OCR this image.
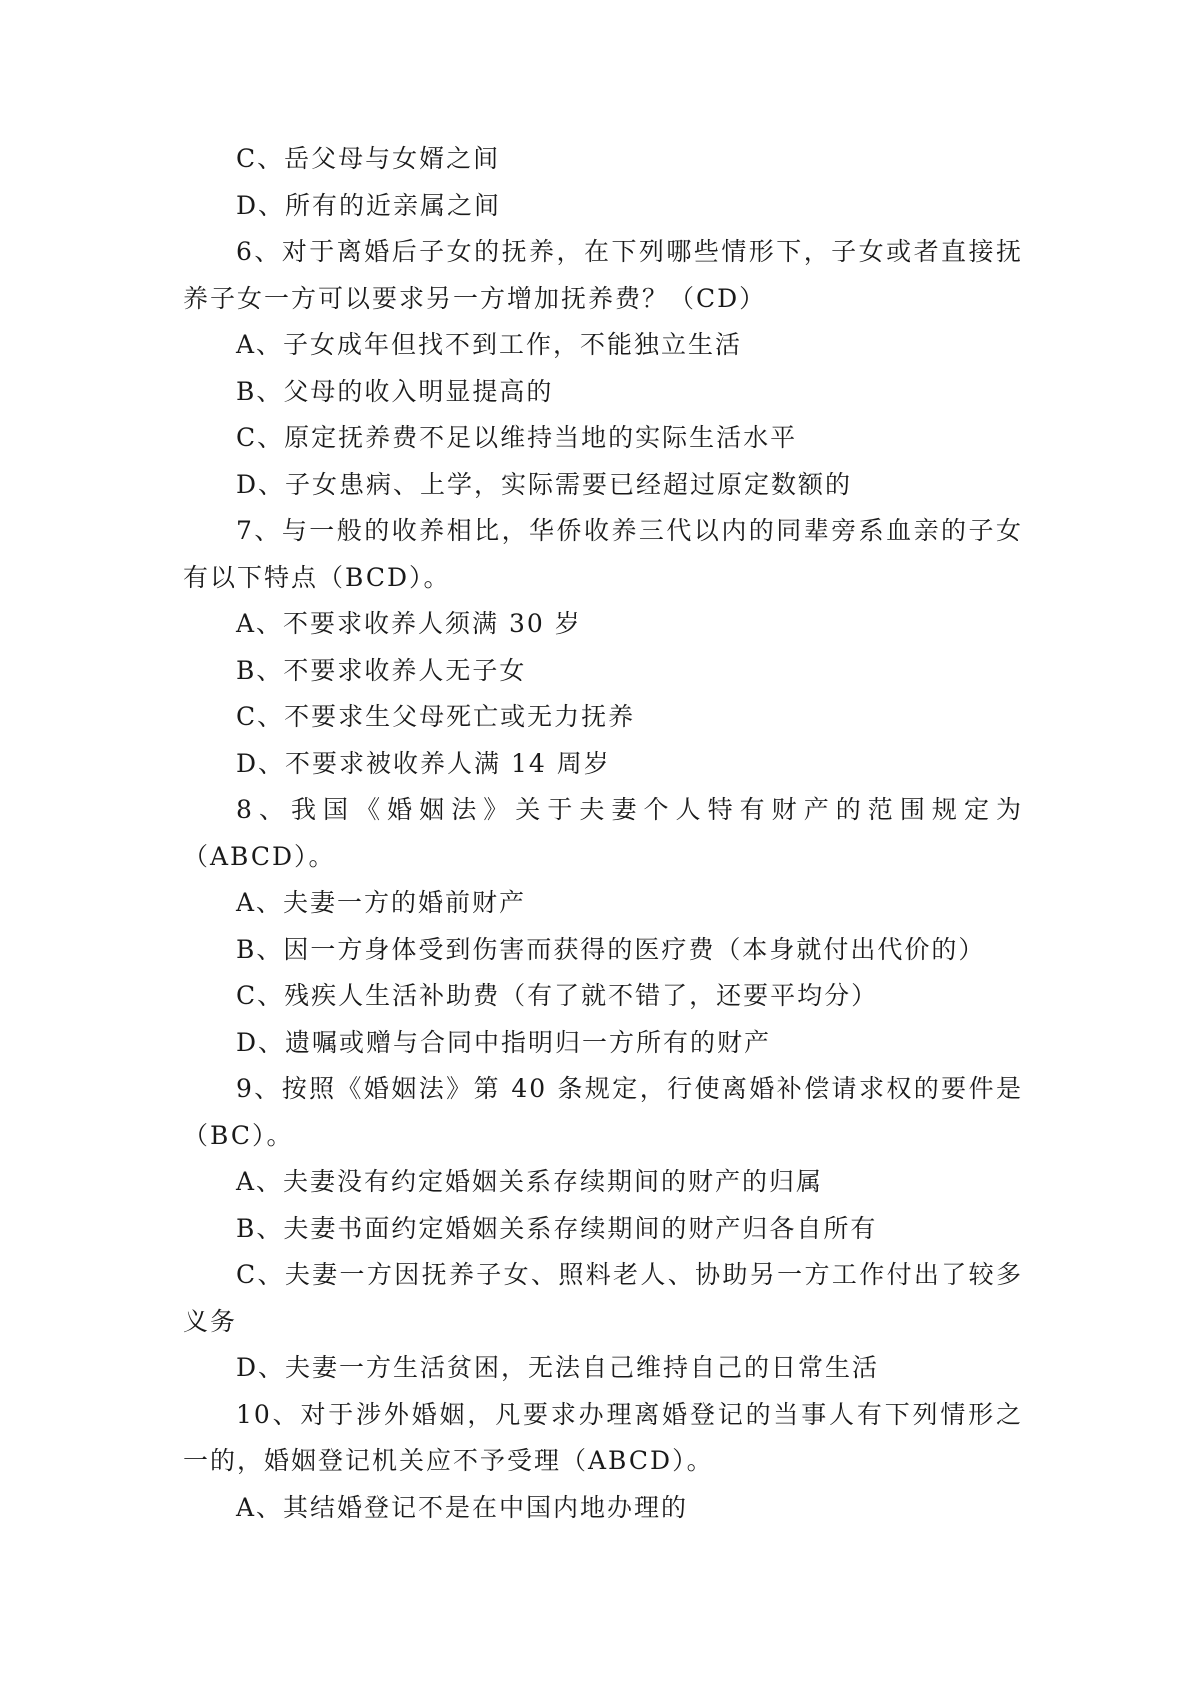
C、岳父母与女婿之间
D、所有的近亲属之间
6、对于离婚后子女的抚养，在下列哪些情形下，子女或者直接抚
养子女一方可以要求另一方增加抚养费？（CD）
A、子女成年但找不到工作，不能独立生活
B、父母的收入明显提高的
C、原定抚养费不足以维持当地的实际生活水平
D、子女患病、上学，实际需要已经超过原定数额的
7、与一般的收养相比，华侨收养三代以内的同辈旁系血亲的子女
有以下特点（BCD）。
A、不要求收养人须满 30 岁
B、不要求收养人无子女
C、不要求生父母死亡或无力抚养
D、不要求被收养人满 14 周岁
8、我国《婚姻法》关于夫妻个人特有财产的范围规定为
（ABCD）。
A、夫妻一方的婚前财产
B、因一方身体受到伤害而获得的医疗费（本身就付出代价的）
C、残疾人生活补助费（有了就不错了，还要平均分）
D、遗嘱或赠与合同中指明归一方所有的财产
9、按照《婚姻法》第 40 条规定，行使离婚补偿请求权的要件是
（BC）。
A、夫妻没有约定婚姻关系存续期间的财产的归属
B、夫妻书面约定婚姻关系存续期间的财产归各自所有
C、夫妻一方因抚养子女、照料老人、协助另一方工作付出了较多
义务
D、夫妻一方生活贫困，无法自己维持自己的日常生活
10、对于涉外婚姻，凡要求办理离婚登记的当事人有下列情形之
一的，婚姻登记机关应不予受理（ABCD）。
A、其结婚登记不是在中国内地办理的
